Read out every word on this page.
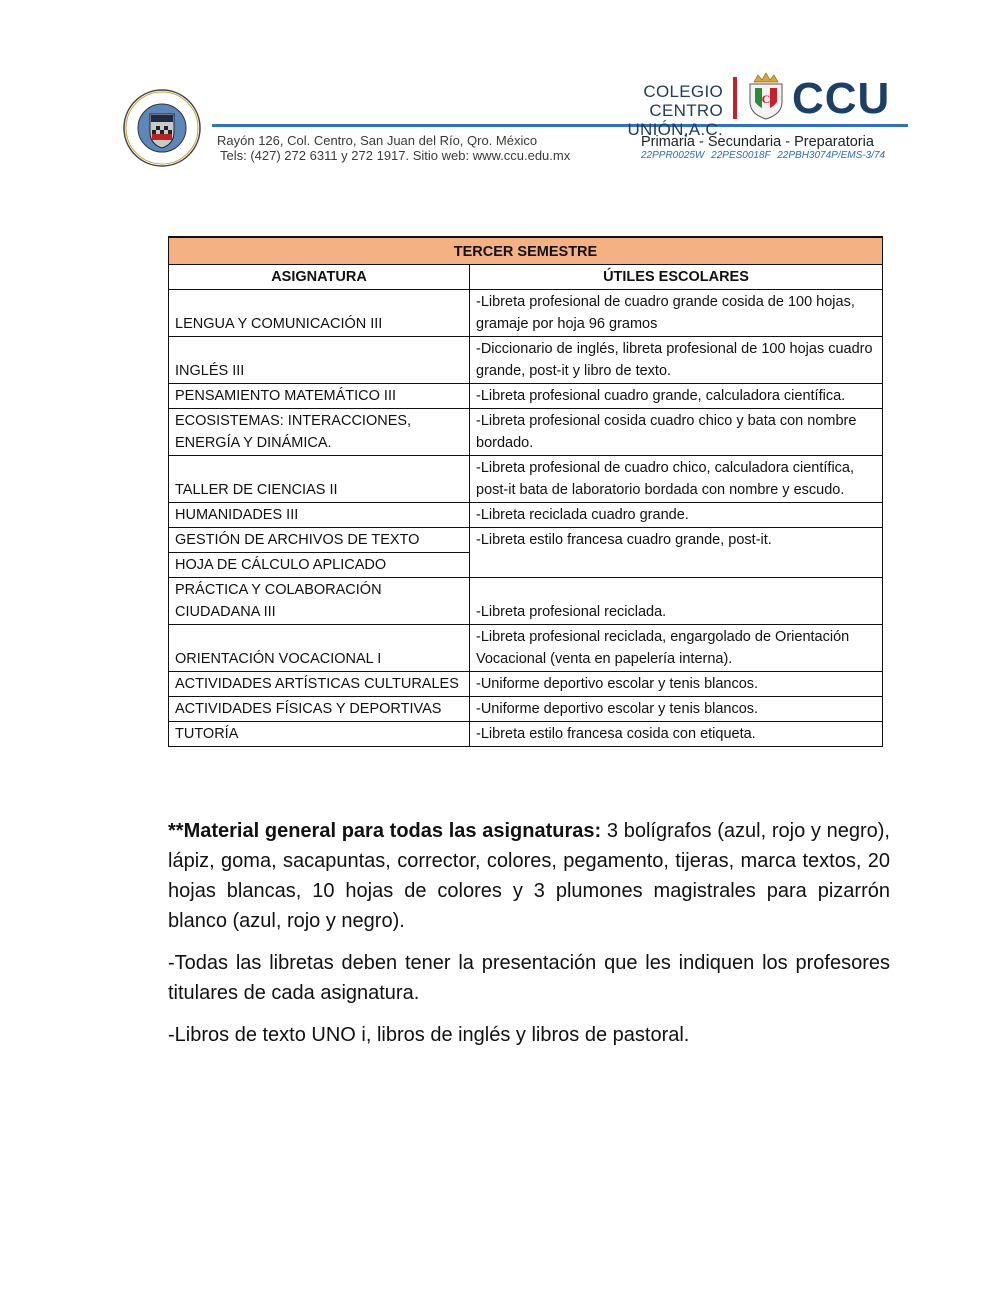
Rayón 126, Col. Centro, San Juan del Río, Qro. México
Tels: (427) 272 6311 y 272 1917. Sitio web: www.ccu.edu.mx
COLEGIO
CENTRO UNIÓN,A.C.
C CCU
Primaria - Secundaria - Preparatoria
22PPR0025W 22PES0018F 22PBH3074P/EMS-3/74
TERCER SEMESTRE	
ASIGNATURA	ÚTILES ESCOLARES
LENGUA Y COMUNICACIÓN III	-Libreta profesional de cuadro grande cosida de 100 hojas, gramaje por hoja 96 gramos
INGLÉS III	-Diccionario de inglés, libreta profesional de 100 hojas cuadro grande, post-it y libro de texto.
PENSAMIENTO MATEMÁTICO III	-Libreta profesional cuadro grande, calculadora científica.
ECOSISTEMAS: INTERACCIONES, ENERGÍA Y DINÁMICA.	-Libreta profesional cosida cuadro chico y bata con nombre bordado.
TALLER DE CIENCIAS II	-Libreta profesional de cuadro chico, calculadora científica, post-it bata de laboratorio bordada con nombre y escudo.
HUMANIDADES III	-Libreta reciclada cuadro grande.
GESTIÓN DE ARCHIVOS DE TEXTO	-Libreta estilo francesa cuadro grande, post-it.
HOJA DE CÁLCULO APLICADO	
PRÁCTICA Y COLABORACIÓN CIUDADANA III	-Libreta profesional reciclada.
ORIENTACIÓN VOCACIONAL I	-Libreta profesional reciclada, engargolado de Orientación Vocacional (venta en papelería interna).
ACTIVIDADES ARTÍSTICAS CULTURALES	-Uniforme deportivo escolar y tenis blancos.
ACTIVIDADES FÍSICAS Y DEPORTIVAS	-Uniforme deportivo escolar y tenis blancos.
TUTORÍA	-Libreta estilo francesa cosida con etiqueta.

**Material general para todas las asignaturas: 3 bolígrafos (azul, rojo y negro), lápiz, goma, sacapuntas, corrector, colores, pegamento, tijeras, marca textos, 20 hojas blancas, 10 hojas de colores y 3 plumones magistrales para pizarrón blanco (azul, rojo y negro).

-Todas las libretas deben tener la presentación que les indiquen los profesores titulares de cada asignatura.

-Libros de texto UNO i, libros de inglés y libros de pastoral.
